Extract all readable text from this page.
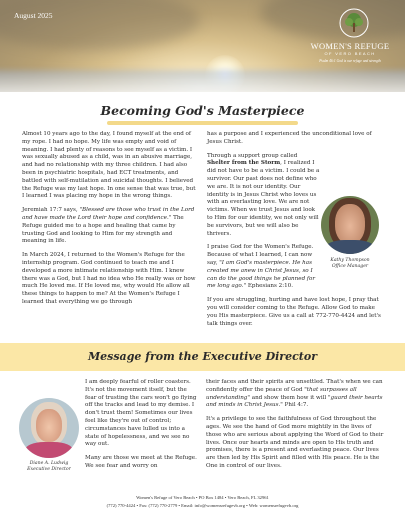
August 2025
WOMEN'S REFUGE
OF VERO BEACH
Psalm 46:1 God is our refuge and strength
Becoming God's Masterpiece

Almost 10 years ago to the day, I found myself at the end of my rope. I had no hope. My life was empty and void of meaning. I had plenty of reasons to see myself as a victim. I was sexually abused as a child, was in an abusive marriage, and had no relationship with my three children. I had also been in psychiatric hospitals, had ECT treatments, and battled with self-mutilation and suicidal thoughts. I believed the Refuge was my last hope. In one sense that was true, but I learned I was placing my hope in the wrong things.

Jeremiah 17:7 says, "Blessed are those who trust in the Lord and have made the Lord their hope and confidence." The Refuge guided me to a hope and healing that came by trusting God and looking to Him for my strength and meaning in life.

In March 2024, I returned to the Women's Refuge for the internship program. God continued to teach me and I developed a more intimate relationship with Him. I knew there was a God, but I had no idea who He really was or how much He loved me. If He loved me, why would He allow all these things to happen to me? At the Women's Refuge I learned that everything we go through

has a purpose and I experienced the unconditional love of Jesus Christ.

Through a support group called Shelter from the Storm, I realized I did not have to be a victim. I could be a survivor. Our past does not define who we are. It is not our identity. Our identity is in Jesus Christ who loves us with an everlasting love. We are not victims. When we trust Jesus and look to Him for our identity, we not only will be survivors, but we will also be thrivers.

I praise God for the Women's Refuge. Because of what I learned, I can now say, "I am God's masterpiece. He has created me anew in Christ Jesus, so I can do the good things he planned for me long ago." Ephesians 2:10.

If you are struggling, hurting and have lost hope, I pray that you will consider coming to the Refuge. Allow God to make you His masterpiece. Give us a call at 772-770-4424 and let's talk things over.

Kathy Thompson
Office Manager
Message from the Executive Director
Diane A. Ludwig
Executive Director

I am deeply fearful of roller coasters. It's not the movement itself, but the fear of trusting the cars won't go flying off the tracks and lead to my demise. I don't trust them! Sometimes our lives feel like they're out of control; circumstances have lulled us into a state of hopelessness, and we see no way out.

Many are those we meet at the Refuge. We see fear and worry on

their faces and their spirits are unsettled. That's when we can confidently offer the peace of God "that surpasses all understanding" and show them how it will "guard their hearts and minds in Christ Jesus." Phil 4:7.

It's a privilege to see the faithfulness of God throughout the ages. We see the hand of God more mightily in the lives of those who are serious about applying the Word of God to their lives. Once our hearts and minds are open to His truth and promises, there is a present and everlasting peace. Our lives are then led by His Spirit and filled with His peace. He is the One in control of our lives.

Women's Refuge of Vero Beach • PO Box 1484 • Vero Beach, FL 32961
(772) 770-4424 • Fax: (772) 770-2779 • Email: info@womensrefugevb.org • Web: womensrefugevb.org
